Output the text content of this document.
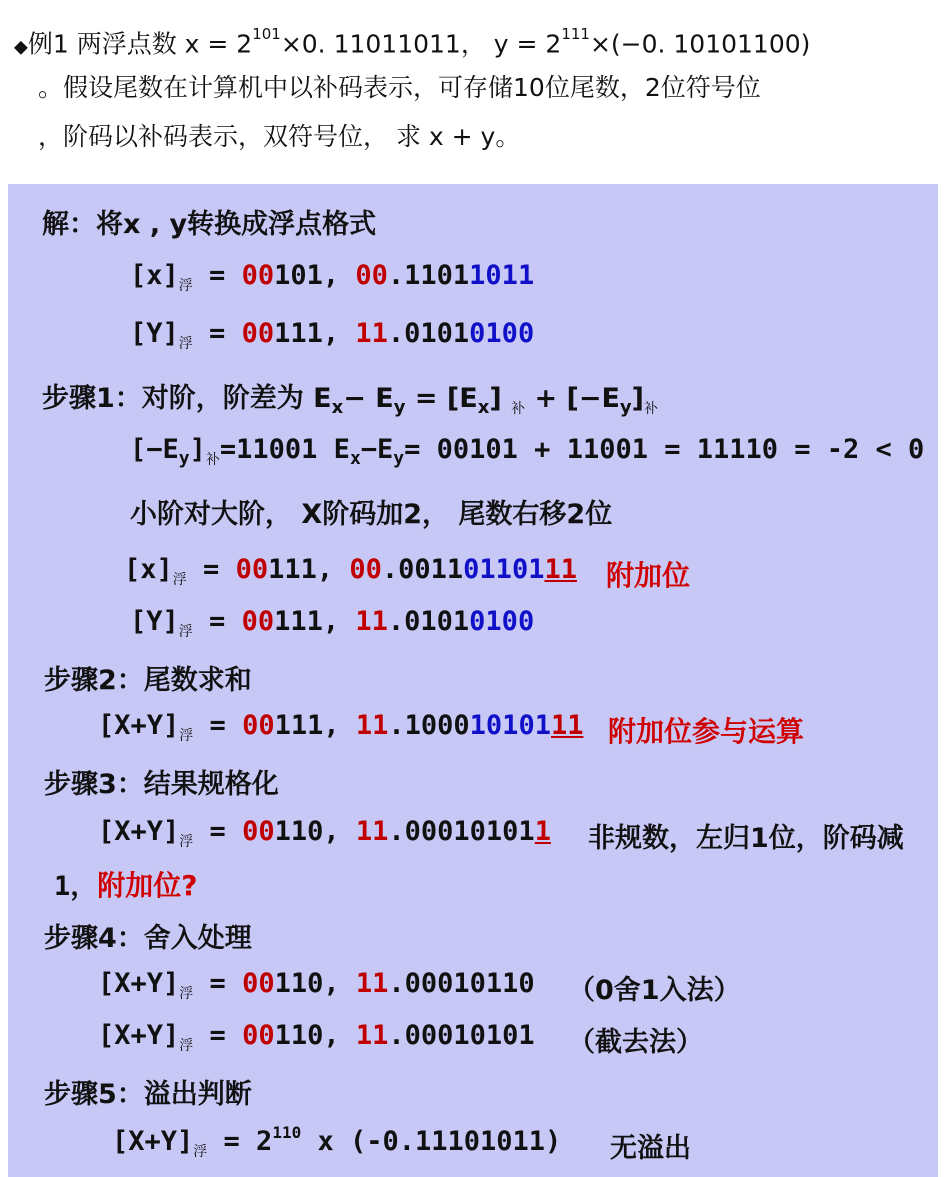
◆例1 两浮点数 $x = 2^{101}\times 0$. 11011011， $y = 2^{111}\times(-0$. 10101100)
。假设尾数在计算机中以补码表示，可存储10位尾数，2位符号位
，阶码以补码表示，双符号位， 求 x + y。
解：将x , y转换成浮点格式
$[x]_浮 = 00101$, 00.11011011
$[Y]_浮 = 00111$, 11.01010100
步骤1：对阶，阶差为 $E_x- E_y = [E_x] _补 + [-E_y]_补$
$[-E_y]_补=11001$ $E_x-E_y= 00101 + 11001 = 11110 = -2 < 0$
小阶对大阶， X阶码加2， 尾数右移2位
$[x]_浮 = 00111$, 00.00110110111 附加位
$[Y]_浮 = 00111$, 11.01010100
步骤2：尾数求和
$[X+Y]_浮 = 00111$, 11.10001010111 附加位参与运算
步骤3：结果规格化
$[X+Y]_浮 = 00110$, 11.000101011 非规数，左归1位，阶码减
1，附加位?
步骤4：舍入处理
$[X+Y]_浮 = 00110$, 11.00010110 （0舍1入法）
$[X+Y]_浮 = 00110$, 11.00010101 （截去法）
步骤5：溢出判断
$[X+Y]_浮 = 2^{110}$ x (-0.11101011) 无溢出
